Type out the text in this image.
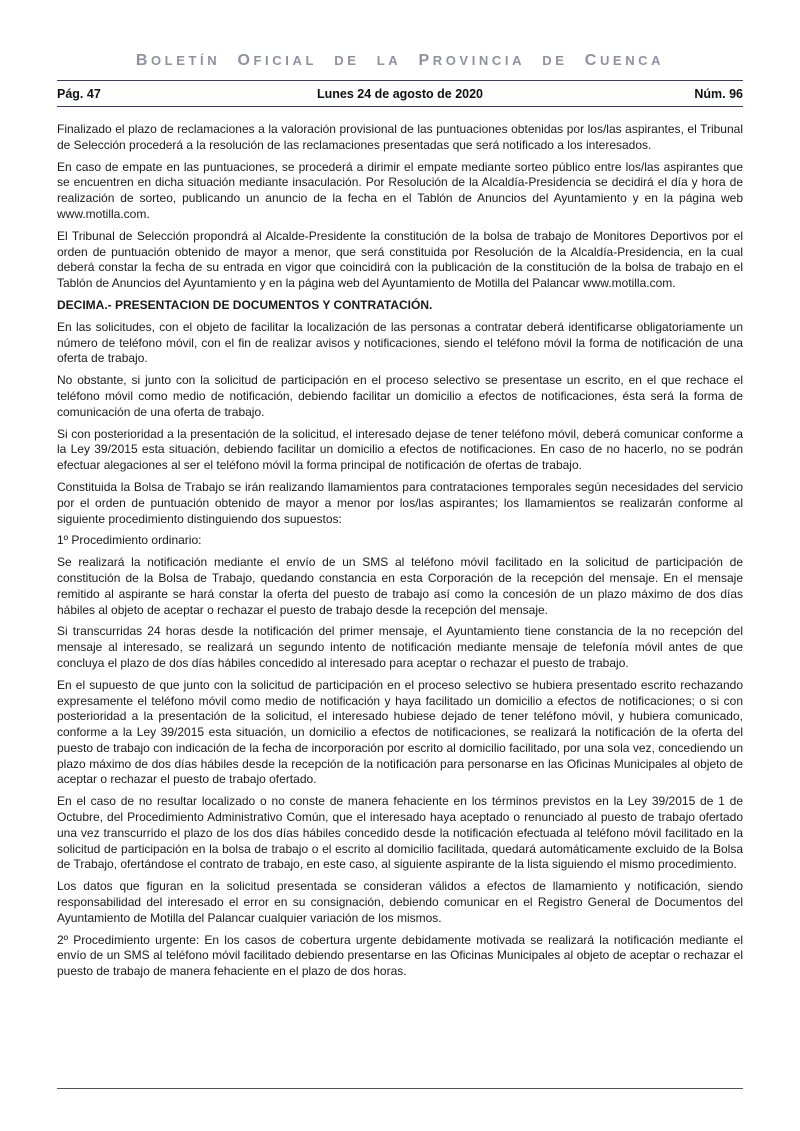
BOLETÍN OFICIAL DE LA PROVINCIA DE CUENCA
Pág. 47	Lunes 24 de agosto de 2020	Núm. 96

Finalizado el plazo de reclamaciones a la valoración provisional de las puntuaciones obtenidas por los/las aspirantes, el Tribunal de Selección procederá a la resolución de las reclamaciones presentadas que será notificado a los interesados.

En caso de empate en las puntuaciones, se procederá a dirimir el empate mediante sorteo público entre los/las aspirantes que se encuentren en dicha situación mediante insaculación. Por Resolución de la Alcaldía-Presidencia se decidirá el día y hora de realización de sorteo, publicando un anuncio de la fecha en el Tablón de Anuncios del Ayuntamiento y en la página web www.motilla.com.

El Tribunal de Selección propondrá al Alcalde-Presidente la constitución de la bolsa de trabajo de Monitores Deportivos por el orden de puntuación obtenido de mayor a menor, que será constituida por Resolución de la Alcaldía-Presidencia, en la cual deberá constar la fecha de su entrada en vigor que coincidirá con la publicación de la constitución de la bolsa de trabajo en el Tablón de Anuncios del Ayuntamiento y en la página web del Ayuntamiento de Motilla del Palancar www.motilla.com.

DECIMA.- PRESENTACION DE DOCUMENTOS Y CONTRATACIÓN.

En las solicitudes, con el objeto de facilitar la localización de las personas a contratar deberá identificarse obligatoriamente un número de teléfono móvil, con el fin de realizar avisos y notificaciones, siendo el teléfono móvil la forma de notificación de una oferta de trabajo.

No obstante, si junto con la solicitud de participación en el proceso selectivo se presentase un escrito, en el que rechace el teléfono móvil como medio de notificación, debiendo facilitar un domicilio a efectos de notificaciones, ésta será la forma de comunicación de una oferta de trabajo.

Si con posterioridad a la presentación de la solicitud, el interesado dejase de tener teléfono móvil, deberá comunicar conforme a la Ley 39/2015 esta situación, debiendo facilitar un domicilio a efectos de notificaciones. En caso de no hacerlo, no se podrán efectuar alegaciones al ser el teléfono móvil la forma principal de notificación de ofertas de trabajo.

Constituida la Bolsa de Trabajo se irán realizando llamamientos para contrataciones temporales según necesidades del servicio por el orden de puntuación obtenido de mayor a menor por los/las aspirantes; los llamamientos se realizarán conforme al siguiente procedimiento distinguiendo dos supuestos:

1º Procedimiento ordinario:

Se realizará la notificación mediante el envío de un SMS al teléfono móvil facilitado en la solicitud de participación de constitución de la Bolsa de Trabajo, quedando constancia en esta Corporación de la recepción del mensaje. En el mensaje remitido al aspirante se hará constar la oferta del puesto de trabajo así como la concesión de un plazo máximo de dos días hábiles al objeto de aceptar o rechazar el puesto de trabajo desde la recepción del mensaje.

Si transcurridas 24 horas desde la notificación del primer mensaje, el Ayuntamiento tiene constancia de la no recepción del mensaje al interesado, se realizará un segundo intento de notificación mediante mensaje de telefonía móvil antes de que concluya el plazo de dos días hábiles concedido al interesado para aceptar o rechazar el puesto de trabajo.

En el supuesto de que junto con la solicitud de participación en el proceso selectivo se hubiera presentado escrito rechazando expresamente el teléfono móvil como medio de notificación y haya facilitado un domicilio a efectos de notificaciones; o si con posterioridad a la presentación de la solicitud, el interesado hubiese dejado de tener teléfono móvil, y hubiera comunicado, conforme a la Ley 39/2015 esta situación, un domicilio a efectos de notificaciones, se realizará la notificación de la oferta del puesto de trabajo con indicación de la fecha de incorporación por escrito al domicilio facilitado, por una sola vez, concediendo un plazo máximo de dos días hábiles desde la recepción de la notificación para personarse en las Oficinas Municipales al objeto de aceptar o rechazar el puesto de trabajo ofertado.

En el caso de no resultar localizado o no conste de manera fehaciente en los términos previstos en la Ley 39/2015 de 1 de Octubre, del Procedimiento Administrativo Común, que el interesado haya aceptado o renunciado al puesto de trabajo ofertado una vez transcurrido el plazo de los dos días hábiles concedido desde la notificación efectuada al teléfono móvil facilitado en la solicitud de participación en la bolsa de trabajo o el escrito al domicilio facilitada, quedará automáticamente excluido de la Bolsa de Trabajo, ofertándose el contrato de trabajo, en este caso, al siguiente aspirante de la lista siguiendo el mismo procedimiento.

Los datos que figuran en la solicitud presentada se consideran válidos a efectos de llamamiento y notificación, siendo responsabilidad del interesado el error en su consignación, debiendo comunicar en el Registro General de Documentos del Ayuntamiento de Motilla del Palancar cualquier variación de los mismos.

2º Procedimiento urgente: En los casos de cobertura urgente debidamente motivada se realizará la notificación mediante el envío de un SMS al teléfono móvil facilitado debiendo presentarse en las Oficinas Municipales al objeto de aceptar o rechazar el puesto de trabajo de manera fehaciente en el plazo de dos horas.
